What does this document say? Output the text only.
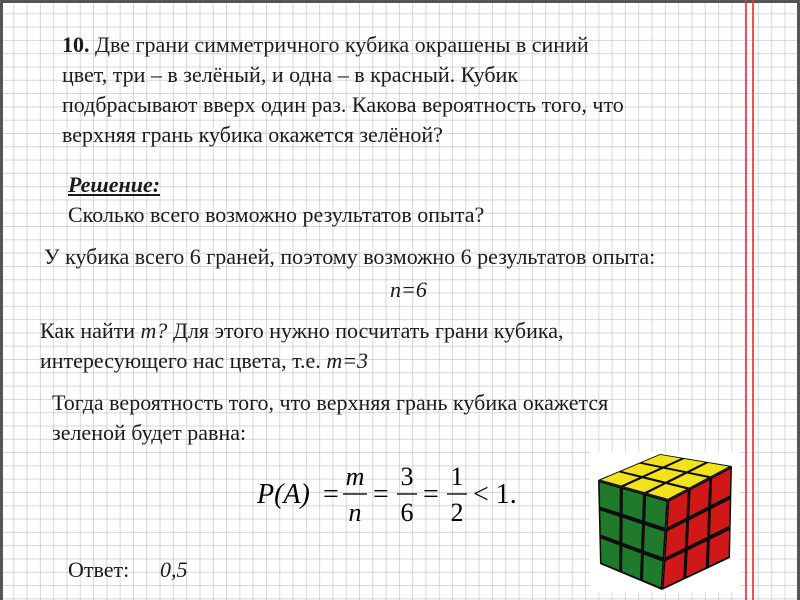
10. Две грани симметричного кубика окрашены в синий
цвет, три – в зелёный, и одна – в красный. Кубик
подбрасывают вверх один раз. Какова вероятность того, что
верхняя грань кубика окажется зелёной?
Решение:
Сколько всего возможно результатов опыта?
У кубика всего 6 граней, поэтому возможно 6 результатов опыта:
n=6
Как найти m? Для этого нужно посчитать грани кубика,
интересующего нас цвета, т.е. m=3
Тогда вероятность того, что верхняя грань кубика окажется
зеленой будет равна:
P(A) =
m
n
=
3
6
=
1
2
< 1.
Ответ: 0,5
